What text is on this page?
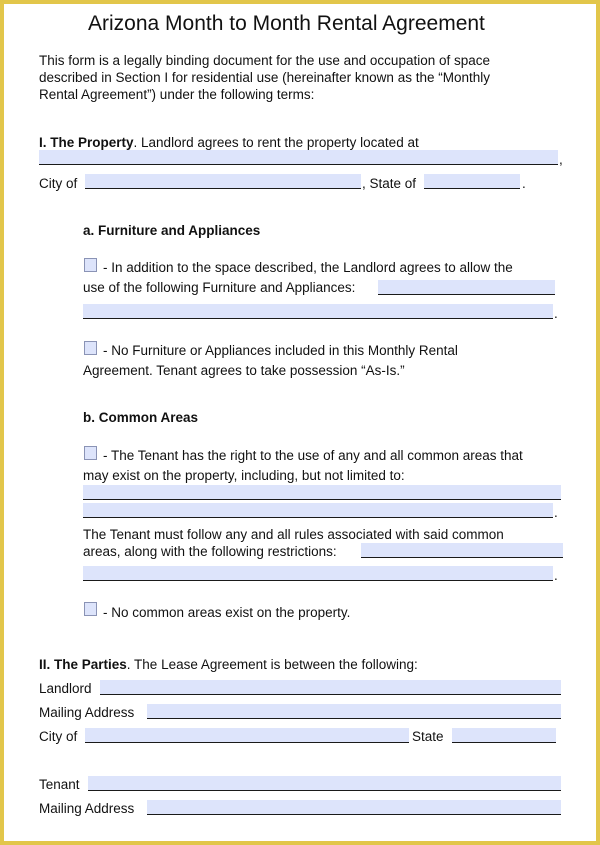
Arizona Month to Month Rental Agreement
This form is a legally binding document for the use and occupation of space
described in Section I for residential use (hereinafter known as the “Monthly
Rental Agreement”) under the following terms:
I. The Property. Landlord agrees to rent the property located at
,
City of	, State of	.
a. Furniture and Appliances
- In addition to the space described, the Landlord agrees to allow the
use of the following Furniture and Appliances:
.
- No Furniture or Appliances included in this Monthly Rental
Agreement. Tenant agrees to take possession “As-Is.”
b. Common Areas
- The Tenant has the right to the use of any and all common areas that
may exist on the property, including, but not limited to:
.
The Tenant must follow any and all rules associated with said common
areas, along with the following restrictions:
.
- No common areas exist on the property.
II. The Parties. The Lease Agreement is between the following:
Landlord
Mailing Address
City of	State
Tenant
Mailing Address
